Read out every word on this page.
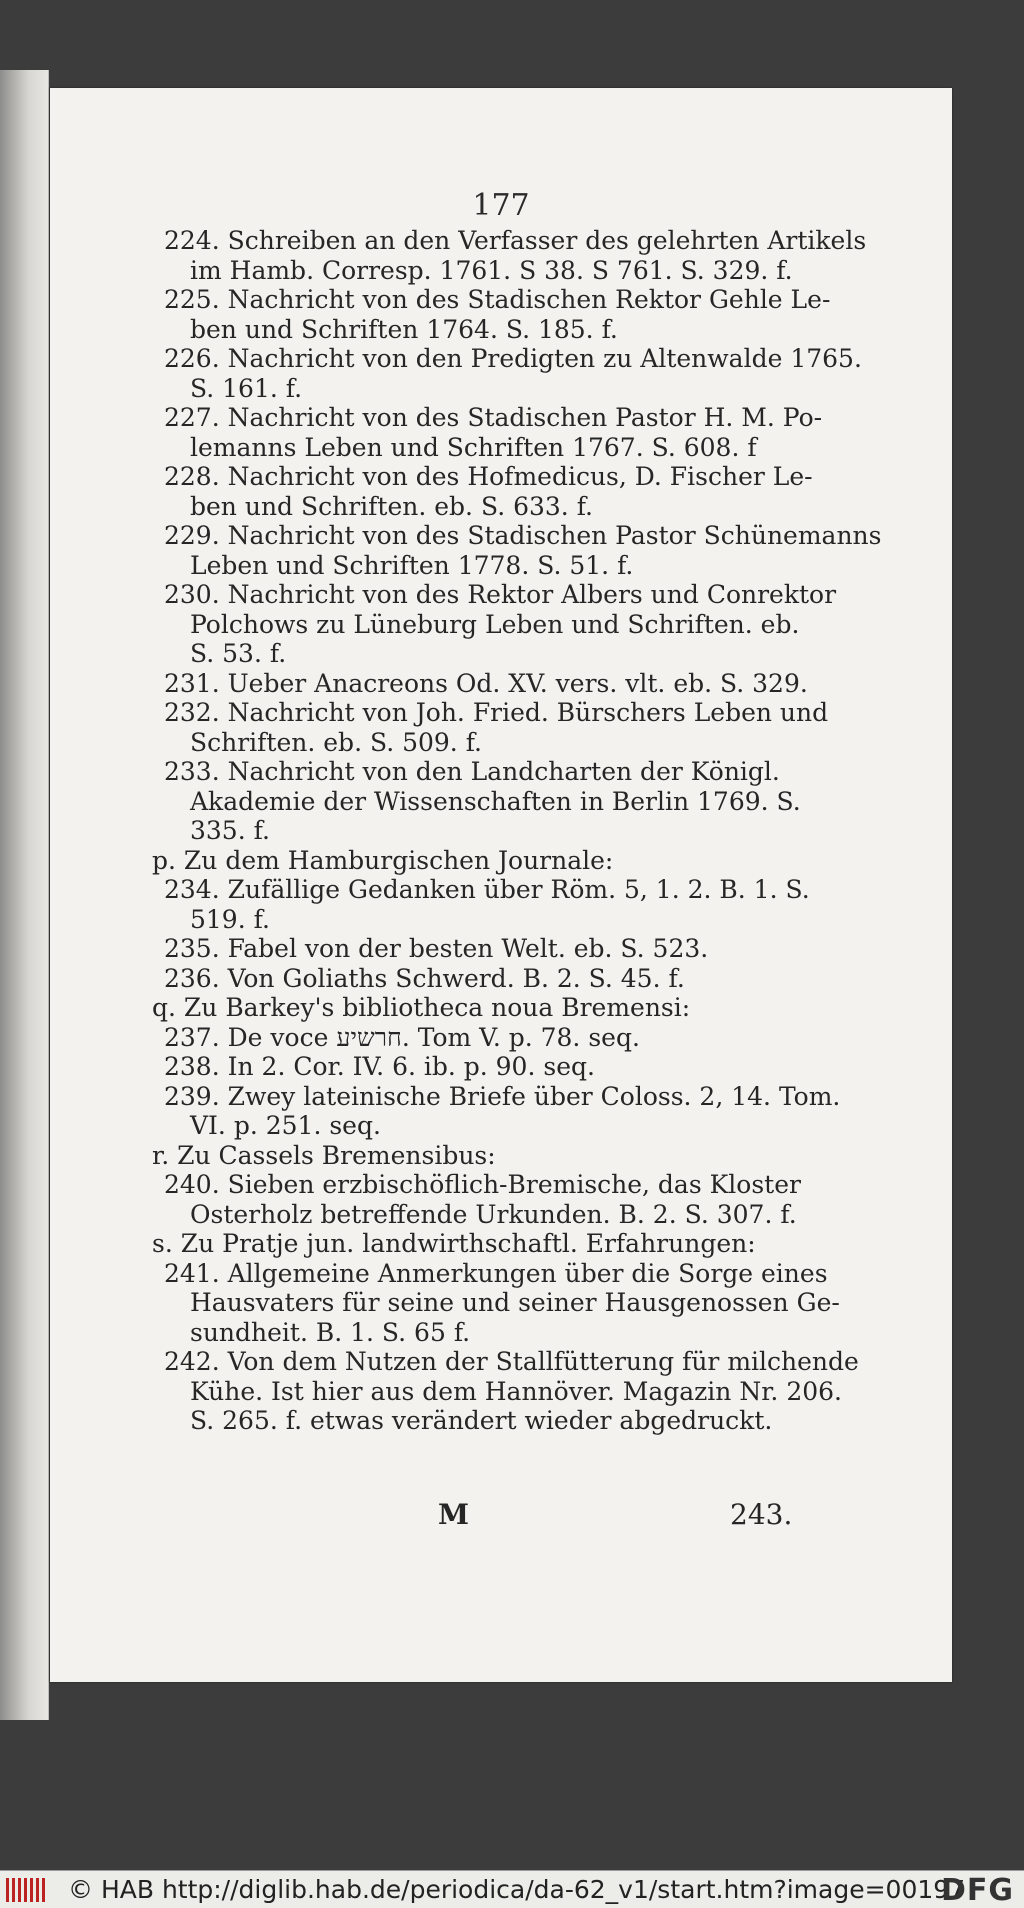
177
224. Schreiben an den Verfasser des gelehrten Artikels
im Hamb. Corresp. 1761. S 38. S 761. S. 329. f.
225. Nachricht von des Stadischen Rektor Gehle Le-
ben und Schriften 1764. S. 185. f.
226. Nachricht von den Predigten zu Altenwalde 1765.
S. 161. f.
227. Nachricht von des Stadischen Pastor H. M. Po-
lemanns Leben und Schriften 1767. S. 608. f
228. Nachricht von des Hofmedicus, D. Fischer Le-
ben und Schriften. eb. S. 633. f.
229. Nachricht von des Stadischen Pastor Schünemanns
Leben und Schriften 1778. S. 51. f.
230. Nachricht von des Rektor Albers und Conrektor
Polchows zu Lüneburg Leben und Schriften. eb.
S. 53. f.
231. Ueber Anacreons Od. XV. vers. vlt. eb. S. 329.
232. Nachricht von Joh. Fried. Bürschers Leben und
Schriften. eb. S. 509. f.
233. Nachricht von den Landcharten der Königl.
Akademie der Wissenschaften in Berlin 1769. S.
335. f.
p. Zu dem Hamburgischen Journale:
234. Zufällige Gedanken über Röm. 5, 1. 2. B. 1. S.
519. f.
235. Fabel von der besten Welt. eb. S. 523.
236. Von Goliaths Schwerd. B. 2. S. 45. f.
q. Zu Barkey's bibliotheca noua Bremensi:
237. De voce חרשיע. Tom V. p. 78. seq.
238. In 2. Cor. IV. 6. ib. p. 90. seq.
239. Zwey lateinische Briefe über Coloss. 2, 14. Tom.
VI. p. 251. seq.
r. Zu Cassels Bremensibus:
240. Sieben erzbischöflich-Bremische, das Kloster
Osterholz betreffende Urkunden. B. 2. S. 307. f.
s. Zu Pratje jun. landwirthschaftl. Erfahrungen:
241. Allgemeine Anmerkungen über die Sorge eines
Hausvaters für seine und seiner Hausgenossen Ge-
sundheit. B. 1. S. 65 f.
242. Von dem Nutzen der Stallfütterung für milchende
Kühe. Ist hier aus dem Hannöver. Magazin Nr. 206.
S. 265. f. etwas verändert wieder abgedruckt.
M	243.
© HAB http://diglib.hab.de/periodica/da-62_v1/start.htm?image=00197
DFG
